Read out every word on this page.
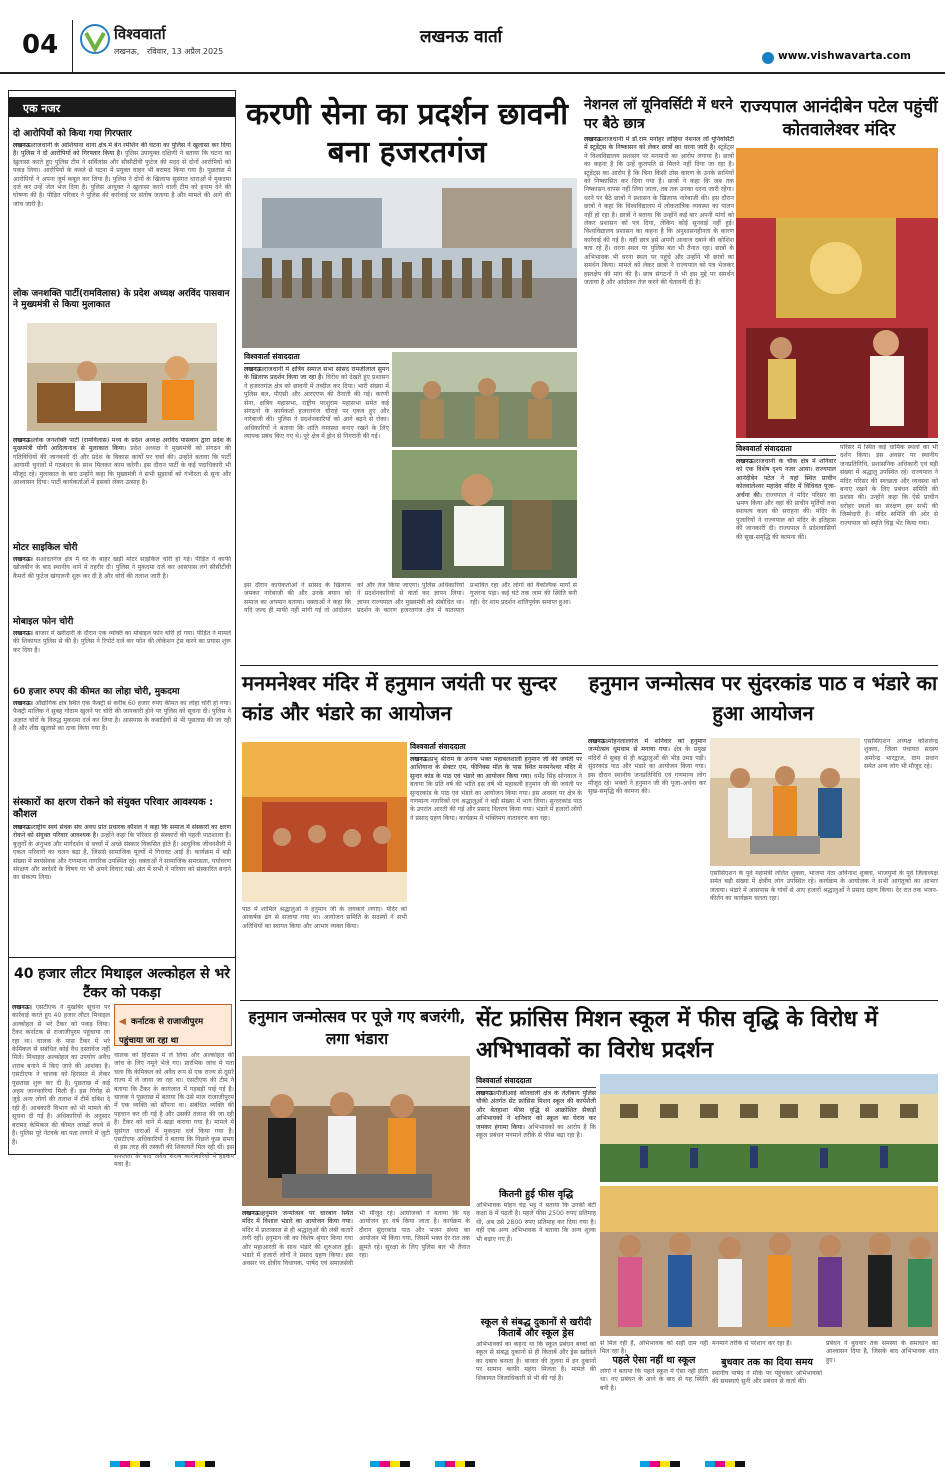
04	विश्ववार्ता
लखनऊ,   रविवार, 13 अप्रैल 2025
लखनऊ वार्ता
www.vishwavarta.com
एक नजर
दो आरोपियों को किया गया गिरफ्तार
लखनऊ।राजधानी के आशियाना थाना क्षेत्र में बेन रमेशिन की घटना का पुलिस ने खुलासा कर दिया है। पुलिस ने दो आरोपियों को गिरफ्तार किया है। पुलिस उपायुक्त दक्षिणी ने बताया कि घटना का खुलासा करते हुए पुलिस टीम ने सर्विलांस और सीसीटीवी फुटेज की मदद से दोनों आरोपियों को पकड़ लिया। आरोपियों के कब्जे से घटना में प्रयुक्त वाहन भी बरामद किया गया है। पूछताछ में आरोपियों ने अपना जुर्म कबूल कर लिया है। पुलिस ने दोनों के खिलाफ सुसंगत धाराओं में मुकदमा दर्ज कर उन्हें जेल भेज दिया है। पुलिस आयुक्त ने खुलासा करने वाली टीम को इनाम देने की घोषणा की है। पीड़ित परिवार ने पुलिस की कार्रवाई पर संतोष जताया है और मामले की आगे की जांच जारी है।
लोक जनशक्ति पार्टी(रामविलास) के प्रदेश अध्यक्ष अरविंद पासवान ने मुख्यमंत्री से किया मुलाकात
लखनऊ।लोक जनशक्ति पार्टी (रामविलास) मध्य के प्रदेश अध्यक्ष अरविंद पासवान द्वारा प्रदेश के मुख्यमंत्री योगी आदित्यनाथ से मुलाकात किया। प्रदेश अध्यक्ष ने मुख्यमंत्री को संगठन की गतिविधियों की जानकारी दी और प्रदेश के विकास कार्यों पर चर्चा की। उन्होंने बताया कि पार्टी आगामी चुनावों में गठबंधन के साथ मिलकर काम करेगी। इस दौरान पार्टी के कई पदाधिकारी भी मौजूद रहे। मुलाकात के बाद उन्होंने कहा कि मुख्यमंत्री ने सभी सुझावों को गंभीरता से सुना और आश्वासन दिया। पार्टी कार्यकर्ताओं में इसको लेकर उत्साह है।
मोटर साइकिल चोरी
लखनऊ। सआदतगंज क्षेत्र में घर के बाहर खड़ी मोटर साइकिल चोरी हो गई। पीड़ित ने काफी खोजबीन के बाद स्थानीय थाने में तहरीर दी। पुलिस ने मुकदमा दर्ज कर आसपास लगे सीसीटीवी कैमरों की फुटेज खंगालनी शुरू कर दी है और चोरों की तलाश जारी है।
मोबाइल फोन चोरी
लखनऊ। बाजार में खरीदारी के दौरान एक व्यक्ति का मोबाइल फोन चोरी हो गया। पीड़ित ने मामले की शिकायत पुलिस से की है। पुलिस ने रिपोर्ट दर्ज कर फोन की लोकेशन ट्रेस करने का प्रयास शुरू कर दिया है।
60 हजार रुपए की कीमत का लोहा चोरी, मुकदमा
लखनऊ। औद्योगिक क्षेत्र स्थित एक फैक्ट्री से करीब 60 हजार रुपए कीमत का लोहा चोरी हो गया। फैक्ट्री मालिक ने सुबह गोदाम खुलने पर चोरी की जानकारी होने पर पुलिस को सूचना दी। पुलिस ने अज्ञात चोरों के विरुद्ध मुकदमा दर्ज कर लिया है। आसपास के कबाड़ियों से भी पूछताछ की जा रही है और शीघ्र खुलासे का दावा किया गया है।
संस्कारों का क्षरण रोकने को संयुक्त परिवार आवश्यक : कौशल
लखनऊ।राष्ट्रीय स्वयं सेवक संघ अवध प्रांत प्रचारक कौशल ने कहा कि समाज में संस्कारों का क्षरण रोकने को संयुक्त परिवार आवश्यक है। उन्होंने कहा कि परिवार ही संस्कारों की पहली पाठशाला है। बुजुर्गों के अनुभव और मार्गदर्शन से बच्चों में अच्छे संस्कार विकसित होते हैं। आधुनिक जीवनशैली में एकल परिवारों का चलन बढ़ा है, जिससे सामाजिक मूल्यों में गिरावट आई है। कार्यक्रम में बड़ी संख्या में स्वयंसेवक और गणमान्य नागरिक उपस्थित रहे। वक्ताओं ने सामाजिक समरसता, पर्यावरण संरक्षण और स्वदेशी के विषय पर भी अपने विचार रखे। अंत में सभी ने परिवार को संस्कारित बनाने का संकल्प लिया।
40 हजार लीटर मिथाइल अल्कोहल से भरे टैंकर को पकड़ा
लखनऊ। एसटीएफ ने मुखबिर सूचना पर कार्रवाई करते हुए 40 हजार लीटर मिथाइल अल्कोहल से भरे टैंकर को पकड़ लिया। टैंकर कर्नाटक से राजाजीपुरम पहुंचाया जा रहा था। चालक के पास टैंकर में भरे केमिकल से संबंधित कोई वैध दस्तावेज नहीं मिले। मिथाइल अल्कोहल का उपयोग अवैध शराब बनाने में किए जाने की आशंका है। एसटीएफ ने चालक को हिरासत में लेकर पूछताछ शुरू कर दी है। पूछताछ में कई अहम जानकारियां मिली हैं। इस गिरोह से जुड़े अन्य लोगों की तलाश में टीमें दबिश दे रही हैं। आबकारी विभाग को भी मामले की सूचना दी गई है। अधिकारियों के अनुसार बरामद केमिकल की कीमत लाखों रुपये में है। पुलिस पूरे नेटवर्क का पता लगाने में जुटी है।
◀ कर्नाटक से राजाजीपुरम पहुंचाया जा रहा था
चालक को हिरासत में ले लिया और अल्कोहल की जांच के लिए नमूने भेजे गए। प्रारंभिक जांच में पता चला कि केमिकल को अवैध रूप से एक राज्य से दूसरे राज्य में ले जाया जा रहा था। एसटीएफ की टीम ने बताया कि टैंकर के कागजात में गड़बड़ी पाई गई है। चालक ने पूछताछ में बताया कि उसे माल राजाजीपुरम में एक व्यक्ति को सौंपना था। संबंधित व्यक्ति की पहचान कर ली गई है और उसकी तलाश की जा रही है। टैंकर को थाने में खड़ा कराया गया है। मामले में सुसंगत धाराओं में मुकदमा दर्ज किया गया है। एसटीएफ अधिकारियों ने बताया कि पिछले कुछ समय से इस तरह की तस्करी की शिकायतें मिल रही थीं। इस सफलता के बाद अवैध शराब कारोबारियों में हड़कंप मचा है।
करणी सेना का प्रदर्शन छावनी बना हजरतगंज
विश्ववार्ता संवाददाता
लखनऊ।राजधानी में क्षत्रिय समाज सभा सांसद रामजीलाल सुमन के खिलाफ प्रदर्शन किया जा रहा है। विरोध को देखते हुए प्रशासन ने हजरतगंज क्षेत्र को छावनी में तब्दील कर दिया। भारी संख्या में पुलिस बल, पीएसी और आरएएफ की तैनाती की गई। करणी सेना, क्षत्रिय महासभा, राष्ट्रीय परशुराम महासभा समेत कई संगठनों के कार्यकर्ता हजरतगंज चौराहे पर एकत्र हुए और नारेबाजी की। पुलिस ने प्रदर्शनकारियों को आगे बढ़ने से रोका। अधिकारियों ने बताया कि शांति व्यवस्था बनाए रखने के लिए व्यापक प्रबंध किए गए थे। पूरे क्षेत्र में ड्रोन से निगरानी की गई।
इस दौरान कार्यकर्ताओं ने सांसद के खिलाफ जमकर नारेबाजी की और उनके बयान को समाज का अपमान बताया। वक्ताओं ने कहा कि यदि जल्द ही माफी नहीं मांगी गई तो आंदोलन को और तेज किया जाएगा। पुलिस अधिकारियों ने प्रदर्शनकारियों से वार्ता कर ज्ञापन लिया। ज्ञापन राज्यपाल और मुख्यमंत्री को संबोधित था। प्रदर्शन के कारण हजरतगंज क्षेत्र में यातायात प्रभावित रहा और लोगों को वैकल्पिक मार्गों से गुजरना पड़ा। कई घंटे तक जाम की स्थिति बनी रही। देर शाम प्रदर्शन शांतिपूर्वक समाप्त हुआ।
नेशनल लॉ यूनिवर्सिटी में धरने पर बैठे छात्र
लखनऊ।राजधानी में डॉ.राम मनोहर लोहिया नेशनल लॉ यूनिवर्सिटी में स्टूडेंट्स के निष्कासन को लेकर छात्रों का धरना जारी है। स्टूडेंट्स ने विश्वविद्यालय प्रशासन पर मनमानी का आरोप लगाया है। छात्रों का कहना है कि उन्हें कुलपति से मिलने नहीं दिया जा रहा है। स्टूडेंट्स का आरोप है कि बिना किसी ठोस कारण के उनके साथियों को निष्कासित कर दिया गया है। छात्रों ने कहा कि जब तक निष्कासन वापस नहीं लिया जाता, तब तक उनका धरना जारी रहेगा। धरने पर बैठे छात्रों ने प्रशासन के खिलाफ नारेबाजी की। इस दौरान छात्रों ने कहा कि विश्वविद्यालय में लोकतांत्रिक व्यवस्था का पालन नहीं हो रहा है। छात्रों ने बताया कि उन्होंने कई बार अपनी मांगों को लेकर प्रशासन को पत्र दिया, लेकिन कोई सुनवाई नहीं हुई। विश्वविद्यालय प्रशासन का कहना है कि अनुशासनहीनता के कारण कार्रवाई की गई है। वहीं छात्र इसे अपनी आवाज दबाने की कोशिश बता रहे हैं। धरना स्थल पर पुलिस बल भी तैनात रहा। छात्रों के अभिभावक भी धरना स्थल पर पहुंचे और उन्होंने भी छात्रों का समर्थन किया। मामले को लेकर छात्रों ने राज्यपाल को पत्र भेजकर हस्तक्षेप की मांग की है। छात्र संगठनों ने भी इस मुद्दे पर समर्थन जताया है और आंदोलन तेज करने की चेतावनी दी है।
राज्यपाल आनंदीबेन पटेल पहुंचीं कोतवालेश्वर मंदिर
विश्ववार्ता संवाददाता
लखनऊ।राजधानी के चौक क्षेत्र में शनिवार को एक विशेष दृश्य नजर आया। राज्यपाल आनंदीबेन पटेल ने यहां स्थित प्राचीन कोतवालेश्वर महादेव मंदिर में विधिवत पूजा-अर्चना की। राज्यपाल ने मंदिर परिसर का भ्रमण किया और वहां की प्राचीन मूर्तियों तथा स्थापत्य कला की सराहना की। मंदिर के पुजारियों ने राज्यपाल को मंदिर के इतिहास की जानकारी दी। राज्यपाल ने प्रदेशवासियों की सुख-समृद्धि की कामना की।
परिसर में स्थित कई धार्मिक स्थलों का भी दर्शन किया। इस अवसर पर स्थानीय जनप्रतिनिधि, प्रशासनिक अधिकारी एवं बड़ी संख्या में श्रद्धालु उपस्थित रहे। राज्यपाल ने मंदिर परिसर की स्वच्छता और व्यवस्था को बनाए रखने के लिए प्रबंधन समिति की प्रशंसा की। उन्होंने कहा कि ऐसे प्राचीन धरोहर स्थलों का संरक्षण हम सभी की जिम्मेदारी है। मंदिर समिति की ओर से राज्यपाल को स्मृति चिह्न भेंट किया गया।
मनमनेश्वर मंदिर में हनुमान जयंती पर सुन्दर कांड और भंडारे का आयोजन
विश्ववार्ता संवाददाता
लखनऊ।प्रभु श्रीराम के अनन्य भक्त महाबलशाली हनुमान जी की जयंती पर आशियाना के सेक्टर एम, फीनिक्स मॉल के पास स्थित मनमनेश्वर मंदिर में सुन्दर कांड के पाठ एवं भंडारे का आयोजन किया गया। धर्मेंद्र सिंह सोनवाल ने बताया कि प्रति वर्ष की भांति इस वर्ष भी महाबली हनुमान जी की जयंती पर सुन्दरकांड के पाठ एवं भंडारे का आयोजन किया गया। इस अवसर पर क्षेत्र के गणमान्य नागरिकों एवं श्रद्धालुओं ने बड़ी संख्या में भाग लिया। सुन्दरकांड पाठ के उपरांत आरती की गई और प्रसाद वितरण किया गया। भंडारे में हजारों लोगों ने प्रसाद ग्रहण किया। कार्यक्रम में भक्तिमय वातावरण बना रहा।
पाठ में शामिल श्रद्धालुओं ने हनुमान जी के जयकारे लगाए। मंदिर को आकर्षक ढंग से सजाया गया था। आयोजन समिति के सदस्यों ने सभी अतिथियों का स्वागत किया और आभार व्यक्त किया।
हनुमान जन्मोत्सव पर सुंदरकांड पाठ व भंडारे का हुआ आयोजन
लखनऊ।मोहनलालगंज में शनिवार को हनुमान जन्मोत्सव धूमधाम से मनाया गया। क्षेत्र के प्रमुख मंदिरों में सुबह से ही श्रद्धालुओं की भीड़ उमड़ पड़ी। सुंदरकांड पाठ और भंडारे का आयोजन किया गया। इस दौरान स्थानीय जनप्रतिनिधि एवं गणमान्य लोग मौजूद रहे। भक्तों ने हनुमान जी की पूजा-अर्चना कर सुख-समृद्धि की कामना की।
एसोसिएशन अध्यक्ष कौशलेन्द्र शुक्ला, जिला पंचायत सदस्य अमरेन्द्र भारद्वाज, ग्राम प्रधान समेत अन्य लोग भी मौजूद रहे।
एसोसिएशन के पूर्व महामंत्री ललित शुक्ला, भाजपा नेता अविनाश शुक्ला, भाजयुमो के पूर्व जिलाध्यक्ष समेत बड़ी संख्या में क्षेत्रीय लोग उपस्थित रहे। कार्यक्रम के आयोजक ने सभी आगंतुकों का आभार जताया। भंडारे में आसपास के गांवों से आए हजारों श्रद्धालुओं ने प्रसाद ग्रहण किया। देर रात तक भजन-कीर्तन का कार्यक्रम चलता रहा।
हनुमान जन्मोत्सव पर पूजे गए बजरंगी, लगा भंडारा
लखनऊ।हनुमान जन्मोत्सव पर चारबाग स्थित मंदिर में विशाल भंडारे का आयोजन किया गया। मंदिर में प्रातःकाल से ही श्रद्धालुओं की लंबी कतारें लगी रहीं। हनुमान जी का विशेष श्रृंगार किया गया और महाआरती के साथ भंडारे की शुरुआत हुई। भंडारे में हजारों लोगों ने प्रसाद ग्रहण किया। इस अवसर पर क्षेत्रीय विधायक, पार्षद एवं समाजसेवी भी मौजूद रहे। आयोजकों ने बताया कि यह आयोजन हर वर्ष किया जाता है। कार्यक्रम के दौरान सुंदरकांड पाठ और भजन संध्या का आयोजन भी किया गया, जिसमें भक्त देर रात तक झूमते रहे। सुरक्षा के लिए पुलिस बल भी तैनात रहा।
सेंट फ्रांसिस मिशन स्कूल में फीस वृद्धि के विरोध में अभिभावकों का विरोध प्रदर्शन
विश्ववार्ता संवाददाता
लखनऊ।पीजीआई कोतवाली क्षेत्र के तेलीबाग पुलिस चौकी अंतर्गत सेंट फ्रांसिस मिशन स्कूल की कार्यशैली और बेतहाशा फीस वृद्धि से आक्रोशित सैकड़ों अभिभावकों ने शनिवार को स्कूल का घेराव कर जमकर हंगामा किया। अभिभावकों का आरोप है कि स्कूल प्रबंधन मनमाने तरीके से फीस बढ़ा रहा है।
कितनी हुई फीस वृद्धि
अभिभावक मोहन चंद्र भट्ट ने बताया कि उनकी बेटी कक्षा 8 में पढ़ती है। पहले फीस 2500 रुपए प्रतिमाह थी, अब उसे 2800 रुपए प्रतिमाह कर दिया गया है। वहीं एक अन्य अभिभावक ने बताया कि अन्य शुल्क भी बढ़ाए गए हैं।
स्कूल से संबद्ध दुकानों से खरीदी किताबें और स्कूल ड्रेस
अभिभावकों का कहना था कि स्कूल प्रबंधन बच्चों को स्कूल से संबद्ध दुकानों से ही किताबें और ड्रेस खरीदने का दबाव बनाता है। बाजार की तुलना में इन दुकानों पर सामान काफी महंगा मिलता है। मामले की शिकायत जिलाधिकारी से भी की गई है।
से मिल रही हैं, अभिभावक को सही दाम नहीं मिल रहा है।
पहले ऐसा नहीं था स्कूल
लोगों ने बताया कि पहले स्कूल में ऐसा नहीं होता था। नए प्रबंधन के आने के बाद से यह स्थिति बनी है।
मनमाने तरीके से परेशान कर रहा है।
बुधवार तक का दिया समय
स्थानीय पार्षद ने मौके पर पहुंचकर अभिभावकों की समस्याएं सुनीं और प्रबंधन से वार्ता की।
प्रबंधन ने बुधवार तक समस्या के समाधान का आश्वासन दिया है, जिसके बाद अभिभावक शांत हुए।
